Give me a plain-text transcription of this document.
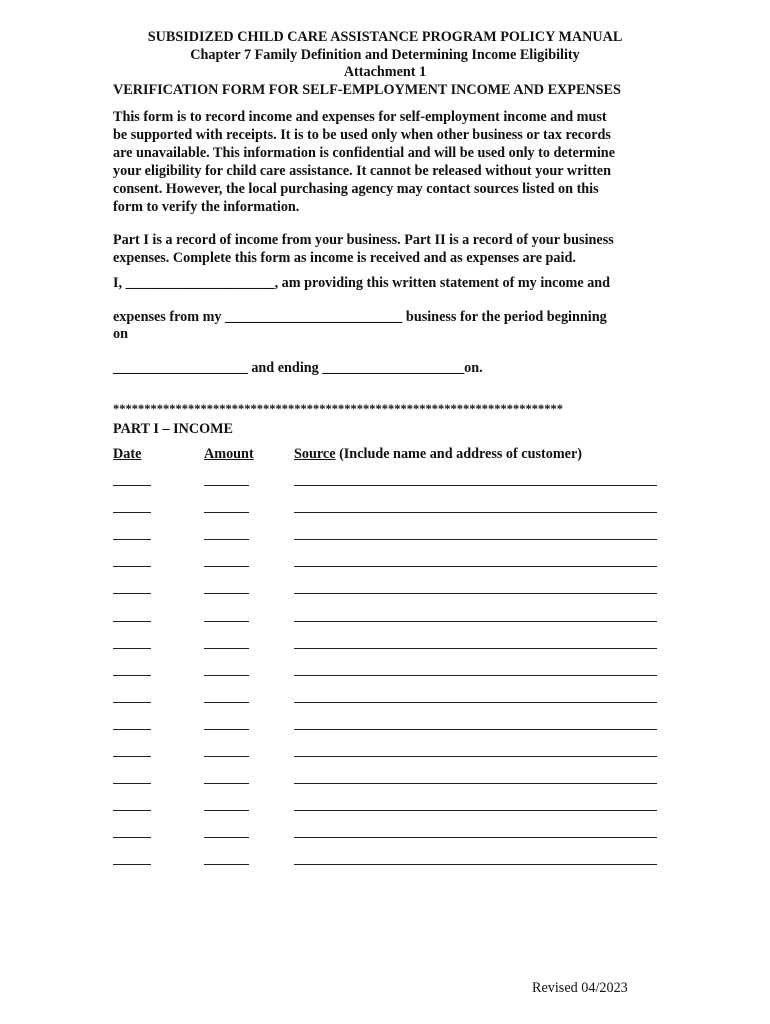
SUBSIDIZED CHILD CARE ASSISTANCE PROGRAM POLICY MANUAL
Chapter 7 Family Definition and Determining Income Eligibility
Attachment 1
VERIFICATION FORM FOR SELF-EMPLOYMENT INCOME AND EXPENSES
This form is to record income and expenses for self-employment income and must
be supported with receipts. It is to be used only when other business or tax records
are unavailable. This information is confidential and will be used only to determine
your eligibility for child care assistance. It cannot be released without your written
consent. However, the local purchasing agency may contact sources listed on this
form to verify the information.
Part I is a record of income from your business. Part II is a record of your business
expenses. Complete this form as income is received and as expenses are paid.
I, _____________________, am providing this written statement of my income and
expenses from my _________________________ business for the period beginning
on
___________________ and ending ____________________on.
************************************************************************
PART I – INCOME
Date	Amount	Source (Include name and address of customer)
Revised 04/2023
